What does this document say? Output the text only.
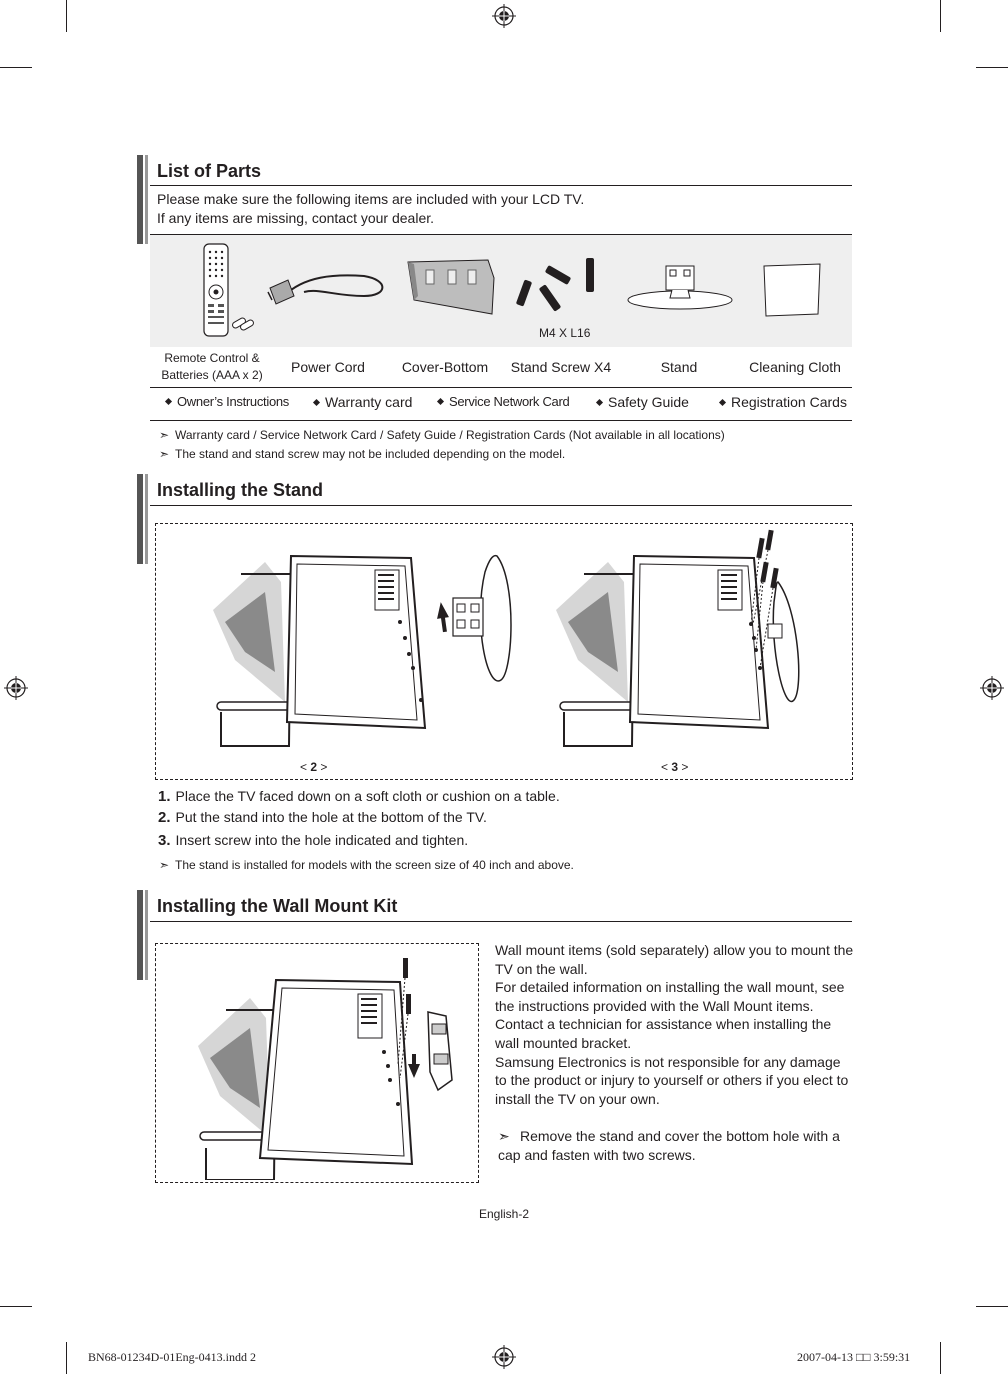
List of Parts
Please make sure the following items are included with your LCD TV.
If any items are missing, contact your dealer.
M4 X L16
Remote Control & Batteries (AAA x 2)	Power Cord	Cover-Bottom	Stand Screw X4	Stand	Cleaning Cloth
Owner’s Instructions	Warranty card	Service Network Card	Safety Guide	Registration Cards
➣ Warranty card / Service Network Card / Safety Guide / Registration Cards (Not available in all locations)
➣ The stand and stand screw may not be included depending on the model.
Installing the Stand
< 2 >	< 3 >
1. Place the TV faced down on a soft cloth or cushion on a table.
2. Put the stand into the hole at the bottom of the TV.
3. Insert screw into the hole indicated and tighten.
➣ The stand is installed for models with the screen size of 40 inch and above.
Installing the Wall Mount Kit

Wall mount items (sold separately) allow you to mount the TV on the wall.

For detailed information on installing the wall mount, see the instructions provided with the Wall Mount items. Contact a technician for assistance when installing the wall mounted bracket.

Samsung Electronics is not responsible for any damage to the product or injury to yourself or others if you elect to install the TV on your own.

➣ Remove the stand and cover the bottom hole with a cap and fasten with two screws.
English-2
BN68-01234D-01Eng-0413.indd 2	2007-04-13 □□ 3:59:31
